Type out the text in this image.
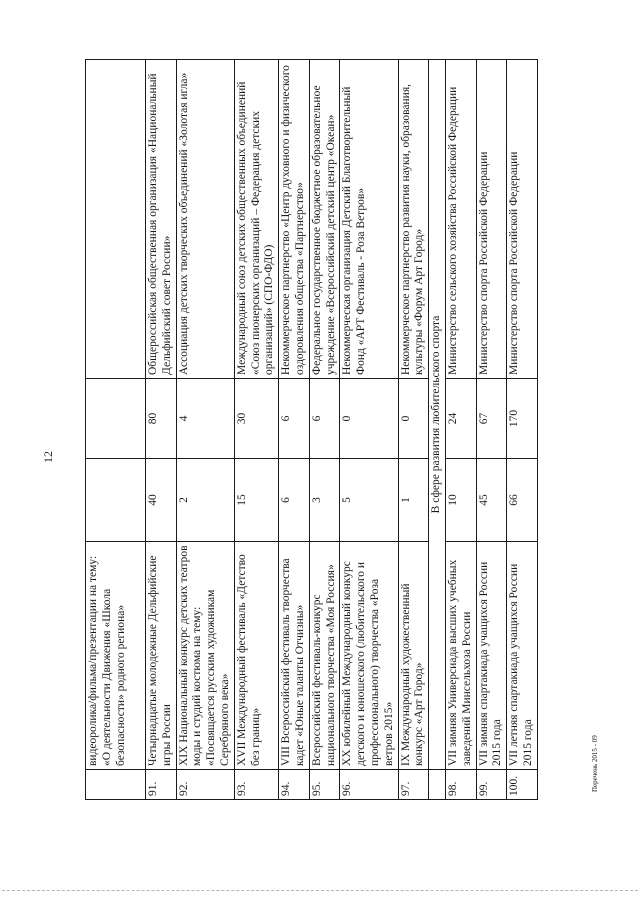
12
	видеоролика/фильма/презентации на тему: «О деятельности Движения «Школа безопасности» родного региона»			
91.	Четырнадцатые молодежные Дельфийские игры России	40	80	Общероссийская общественная организация «Национальный Дельфийский совет России»
92.	XIX Национальный конкурс детских театров моды и студий костюма на тему: «Посвящается русским художникам Серебряного века»	2	4	Ассоциация детских творческих объединений «Золотая игла»
93.	XVII Международный фестиваль «Детство без границ»	15	30	Международный союз детских общественных объединений «Союз пионерских организаций – Федерация детских организаций» (СПО-ФДО)
94.	VIII Всероссийский фестиваль творчества кадет «Юные таланты Отчизны»	6	6	Некоммерческое партнерство «Центр духовного и физического оздоровления общества «Партнерство»
95.	Всероссийский фестиваль-конкурс национального творчества «Моя Россия»	3	6	Федеральное государственное бюджетное образовательное учреждение «Всероссийский детский центр «Океан»
96.	XX юбилейный Международный конкурс детского и юношеского (любительского и профессионального) творчества «Роза ветров 2015»	5	0	Некоммерческая организация Детский Благотворительный Фонд «АРТ Фестиваль - Роза Ветров»
97.	IX Международный художественный конкурс «Арт Город»	1	0	Некоммерческое партнерство развития науки, образования, культуры «Форум Арт Город»
	В сфере развития любительского спорта			
98.	VII зимняя Универсиада высших учебных заведений Минсельхоза России	10	24	Министерство сельского хозяйства Российской Федерации
99.	VII зимняя спартакиада учащихся России 2015 года	45	67	Министерство спорта Российской Федерации
100.	VII летняя спартакиада учащихся России 2015 года	66	170	Министерство спорта Российской Федерации
Перечень 2015 - 09
